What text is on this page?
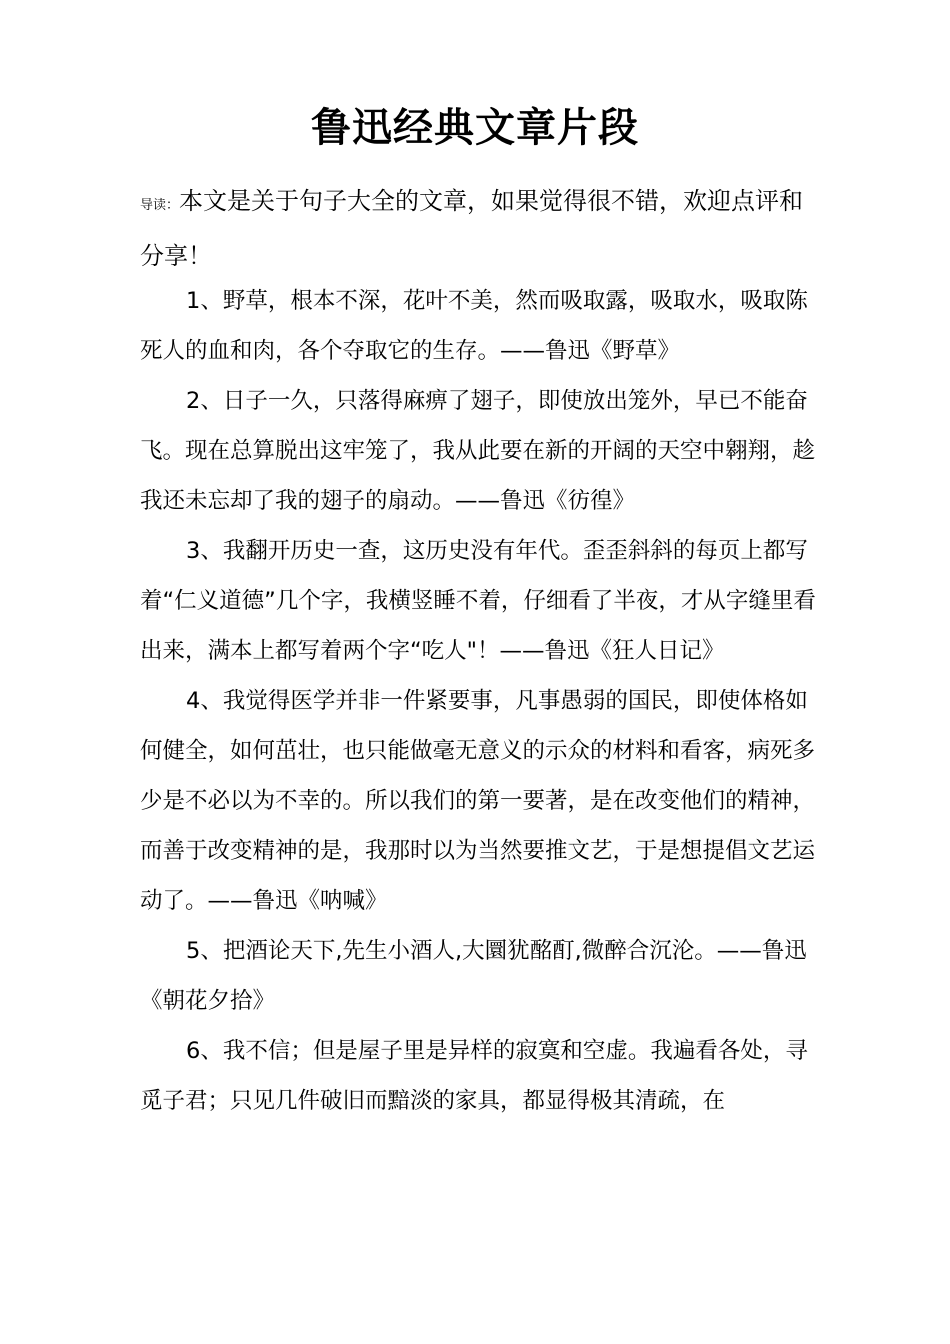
鲁迅经典文章片段
导读：本文是关于句子大全的文章，如果觉得很不错，欢迎点评和分享！

1、野草，根本不深，花叶不美，然而吸取露，吸取水，吸取陈死人的血和肉，各个夺取它的生存。——鲁迅《野草》

2、日子一久，只落得麻痹了翅子，即使放出笼外，早已不能奋飞。现在总算脱出这牢笼了，我从此要在新的开阔的天空中翱翔，趁我还未忘却了我的翅子的扇动。——鲁迅《彷徨》

3、我翻开历史一查，这历史没有年代。歪歪斜斜的每页上都写着“仁义道德”几个字，我横竖睡不着，仔细看了半夜，才从字缝里看出来，满本上都写着两个字“吃人"！——鲁迅《狂人日记》

4、我觉得医学并非一件紧要事，凡事愚弱的国民，即使体格如何健全，如何茁壮，也只能做毫无意义的示众的材料和看客，病死多少是不必以为不幸的。所以我们的第一要著，是在改变他们的精神，而善于改变精神的是，我那时以为当然要推文艺，于是想提倡文艺运动了。——鲁迅《呐喊》

5、把酒论天下,先生小酒人,大圜犹酩酊,微醉合沉沦。——鲁迅《朝花夕拾》

6、我不信；但是屋子里是异样的寂寞和空虚。我遍看各处，寻觅子君；只见几件破旧而黯淡的家具，都显得极其清疏，在
